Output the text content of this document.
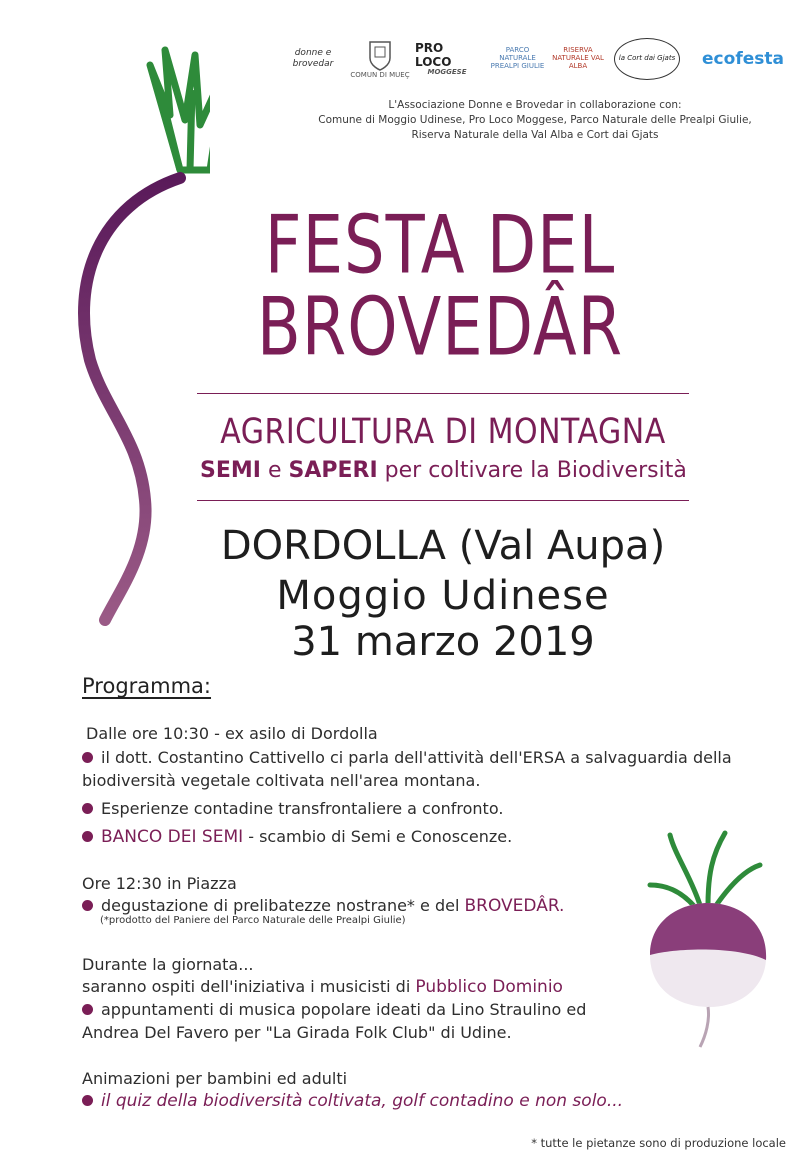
donne e brovedar
COMUN DI MUEÇ
PRO LOCO
MOGGESE
PARCO NATURALE PREALPI GIULIE
RISERVA NATURALE VAL ALBA
la Cort dai Gjats ecofesta
L'Associazione Donne e Brovedar in collaborazione con:
Comune di Moggio Udinese, Pro Loco Moggese, Parco Naturale delle Prealpi Giulie,
Riserva Naturale della Val Alba e Cort dai Gjats
FESTA DEL
BROVEDÂR
AGRICULTURA DI MONTAGNA
SEMI e SAPERI per coltivare la Biodiversità
DORDOLLA (Val Aupa)
Moggio Udinese
31 marzo 2019
Programma:
Dalle ore 10:30 - ex asilo di Dordolla
il dott. Costantino Cattivello ci parla dell'attività dell'ERSA a salvaguardia della
biodiversità vegetale coltivata nell'area montana.
Esperienze contadine transfrontaliere a confronto.
BANCO DEI SEMI - scambio di Semi e Conoscenze.
Ore 12:30 in Piazza
degustazione di prelibatezze nostrane* e del BROVEDÂR.
(*prodotto del Paniere del Parco Naturale delle Prealpi Giulie)
Durante la giornata...
saranno ospiti dell'iniziativa i musicisti di Pubblico Dominio
appuntamenti di musica popolare ideati da Lino Straulino ed
Andrea Del Favero per "La Girada Folk Club" di Udine.
Animazioni per bambini ed adulti
il quiz della biodiversità coltivata, golf contadino e non solo...
* tutte le pietanze sono di produzione locale
